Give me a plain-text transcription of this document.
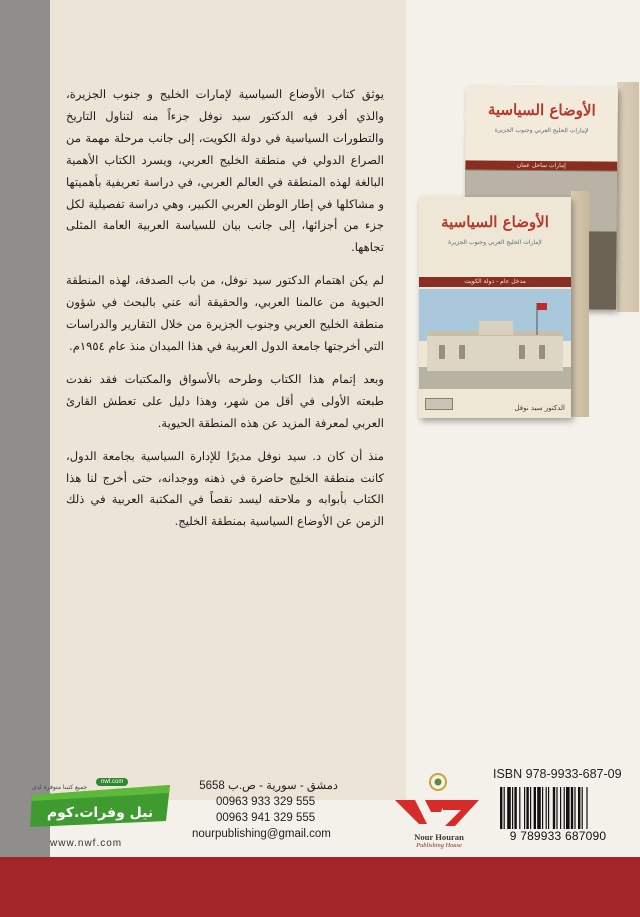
يوثق كتاب الأوضاع السياسية لإمارات الخليج و جنوب الجزيرة، والذي أفرد فيه الدكتور سيد نوفل جزءاً منه لتناول التاريخ والتطورات السياسية في دولة الكويت، إلى جانب مرحلة مهمة من الصراع الدولي في منطقة الخليج العربي، ويسرد الكتاب الأهمية البالغة لهذه المنطقة في العالم العربي، في دراسة تعريفية بأهميتها و مشاكلها في إطار الوطن العربي الكبير، وهي دراسة تفصيلية لكل جزء من أجزائها، إلى جانب بيان للسياسة العربية العامة المثلى تجاهها.

لم يكن اهتمام الدكتور سيد نوفل، من باب الصدفة، لهذه المنطقة الحيوية من عالمنا العربي، والحقيقة أنه عني بالبحث في شؤون منطقة الخليج العربي وجنوب الجزيرة من خلال التقارير والدراسات التي أخرجتها جامعة الدول العربية في هذا الميدان منذ عام ١٩٥٤م.

وبعد إتمام هذا الكتاب وطرحه بالأسواق والمكتبات فقد نفدت طبعته الأولى في أقل من شهر، وهذا دليل على تعطش القارئ العربي لمعرفة المزيد عن هذه المنطقة الحيوية.

منذ أن كان د. سيد نوفل مديرًا للإدارة السياسية بجامعة الدول، كانت منطقة الخليج حاضرة في ذهنه ووجدانه، حتى أخرج لنا هذا الكتاب بأبوابه و ملاحقه ليسد نقصاً في المكتبة العربية في ذلك الزمن عن الأوضاع السياسية بمنطقة الخليج.

الأوضاع السياسية
لإمارات الخليج العربي وجنوب الجزيرة
إمارات ساحل عمان
الأوضاع السياسية
لإمارات الخليج العربي وجنوب الجزيرة
مدخل عام - دولة الكويت
الدكتور سيد نوفل
ISBN 978-9933-687-09
9 789933 687090
Nour Houran
Publishing House
دمشق - سورية - ص.ب 5658
00963 933 329 555
00963 941 329 555
nourpublishing@gmail.com
نيل وفرات.كوم
جميع كتبنا متوفرة لدى
nwf.com
www.nwf.com
